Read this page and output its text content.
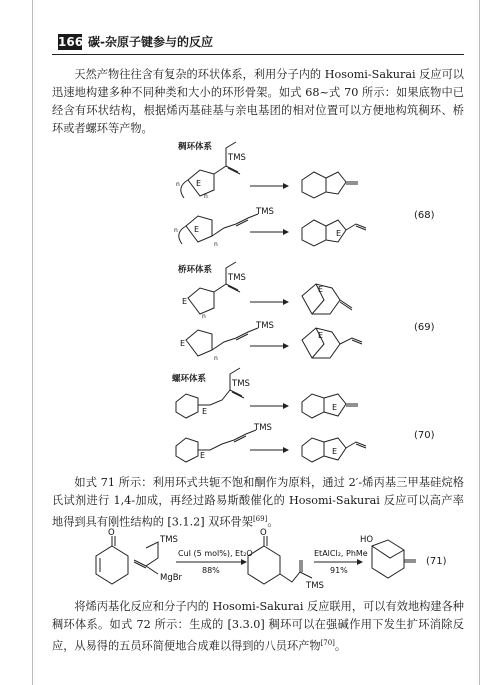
166 碳-杂原子键参与的反应

天然产物往往含有复杂的环状体系，利用分子内的 Hosomi-Sakurai 反应可以迅速地构建多种不同种类和大小的环形骨架。如式 68~式 70 所示：如果底物中已经含有环状结构，根据烯丙基硅基与亲电基团的相对位置可以方便地构筑稠环、桥环或者螺环等产物。

稠环体系
桥环体系
螺环体系
(68)
(69)
(70)
(71)
TMS
E
n
n
TMS
E
n
n
E
TMS
E
n
E
TMS
E
n
E
TMS
E	E
TMS
E	E

如式 71 所示：利用环式共轭不饱和酮作为原料，通过 2′-烯丙基三甲基硅烷格氏试剂进行 1,4-加成，再经过路易斯酸催化的 Hosomi-Sakurai 反应可以高产率地得到具有刚性结构的 [3.1.2] 双环骨架[69]。

O
TMS
MgBr
CuI (5 mol%), Et₂O
88%
O
TMS
EtAlCl₂, PhMe
91%
HO

将烯丙基化反应和分子内的 Hosomi-Sakurai 反应联用，可以有效地构建各种稠环体系。如式 72 所示：生成的 [3.3.0] 稠环可以在强碱作用下发生扩环消除反应，从易得的五员环简便地合成难以得到的八员环产物[70]。
